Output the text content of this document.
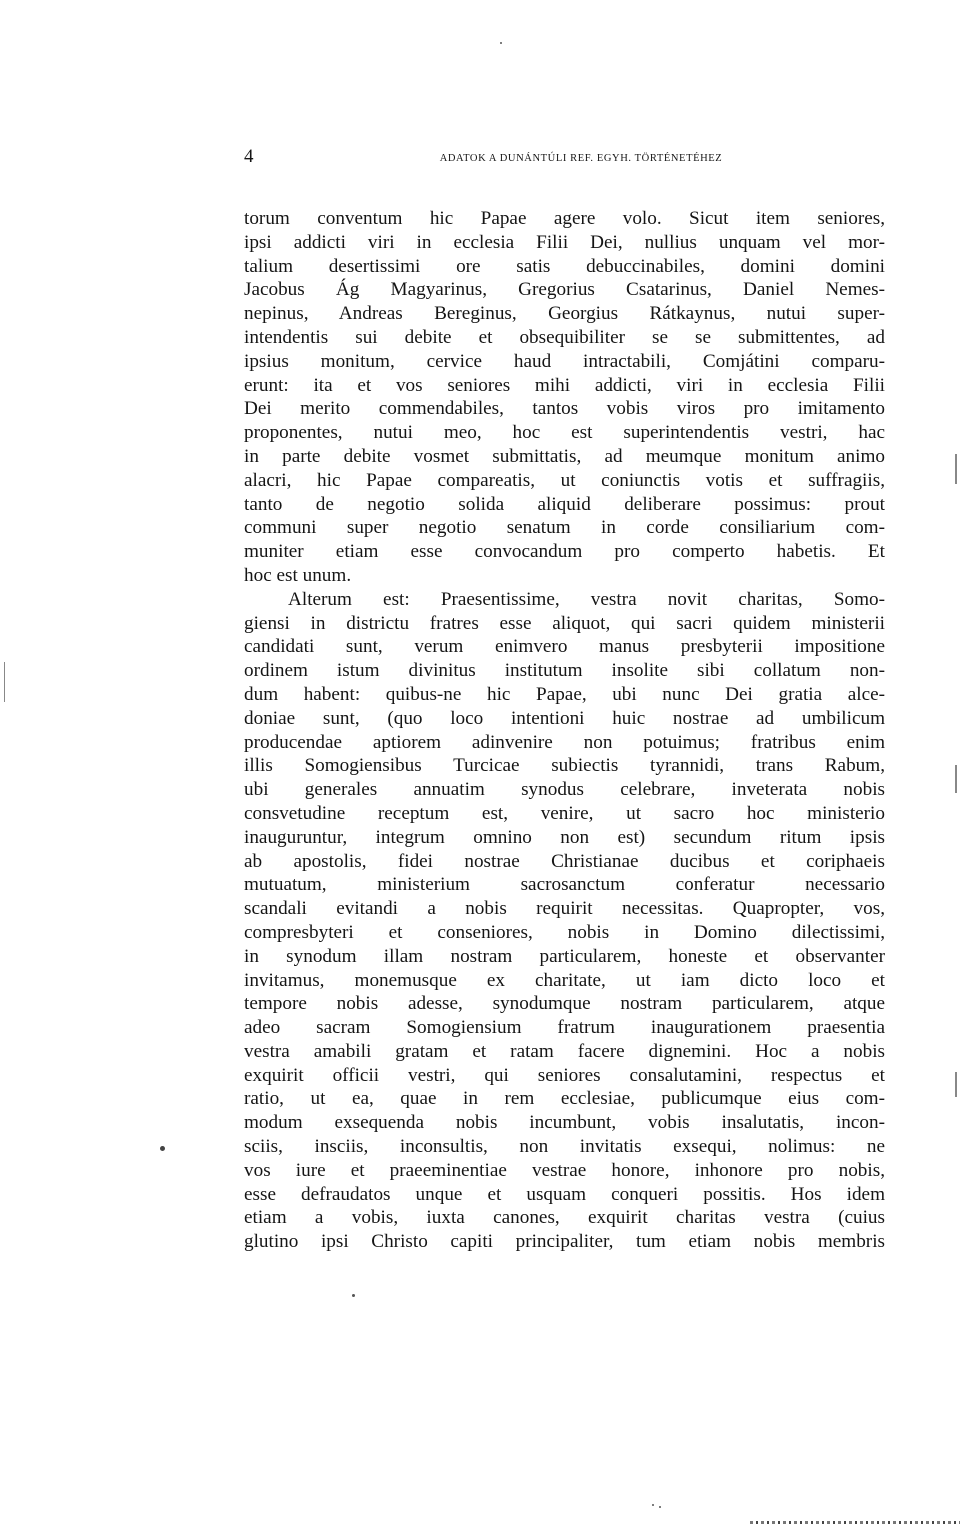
4	ADATOK A DUNÁNTÚLI REF. EGYH. TÖRTÉNETÉHEZ
torum conventum hic Papae agere volo. Sicut item seniores,
ipsi addicti viri in ecclesia Filii Dei, nullius unquam vel mor-
talium desertissimi ore satis debuccinabiles, domini domini
Jacobus Ág Magyarinus, Gregorius Csatarinus, Daniel Nemes-
nepinus, Andreas Bereginus, Georgius Rátkaynus, nutui super-
intendentis sui debite et obsequibiliter se se submittentes, ad
ipsius monitum, cervice haud intractabili, Comjátini comparu-
erunt: ita et vos seniores mihi addicti, viri in ecclesia Filii
Dei merito commendabiles, tantos vobis viros pro imitamento
proponentes, nutui meo, hoc est superintendentis vestri, hac
in parte debite vosmet submittatis, ad meumque monitum animo
alacri, hic Papae compareatis, ut coniunctis votis et suffragiis,
tanto de negotio solida aliquid deliberare possimus: prout
communi super negotio senatum in corde consiliarium com-
muniter etiam esse convocandum pro comperto habetis. Et
hoc est unum.
Alterum est: Praesentissime, vestra novit charitas, Somo-
giensi in districtu fratres esse aliquot, qui sacri quidem ministerii
candidati sunt, verum enimvero manus presbyterii impositione
ordinem istum divinitus institutum insolite sibi collatum non-
dum habent: quibus-ne hic Papae, ubi nunc Dei gratia alce-
doniae sunt, (quo loco intentioni huic nostrae ad umbilicum
producendae aptiorem adinvenire non potuimus; fratribus enim
illis Somogiensibus Turcicae subiectis tyrannidi, trans Rabum,
ubi generales annuatim synodus celebrare, inveterata nobis
consvetudine receptum est, venire, ut sacro hoc ministerio
inauguruntur, integrum omnino non est) secundum ritum ipsis
ab apostolis, fidei nostrae Christianae ducibus et coriphaeis
mutuatum, ministerium sacrosanctum conferatur necessario
scandali evitandi a nobis requirit necessitas. Quapropter, vos,
compresbyteri et conseniores, nobis in Domino dilectissimi,
in synodum illam nostram particularem, honeste et observanter
invitamus, monemusque ex charitate, ut iam dicto loco et
tempore nobis adesse, synodumque nostram particularem, atque
adeo sacram Somogiensium fratrum inaugurationem praesentia
vestra amabili gratam et ratam facere dignemini. Hoc a nobis
exquirit officii vestri, qui seniores consalutamini, respectus et
ratio, ut ea, quae in rem ecclesiae, publicumque eius com-
modum exsequenda nobis incumbunt, vobis insalutatis, incon-
sciis, insciis, inconsultis, non invitatis exsequi, nolimus: ne
vos iure et praeeminentiae vestrae honore, inhonore pro nobis,
esse defraudatos unque et usquam conqueri possitis. Hos idem
etiam a vobis, iuxta canones, exquirit charitas vestra (cuius
glutino ipsi Christo capiti principaliter, tum etiam nobis membris
